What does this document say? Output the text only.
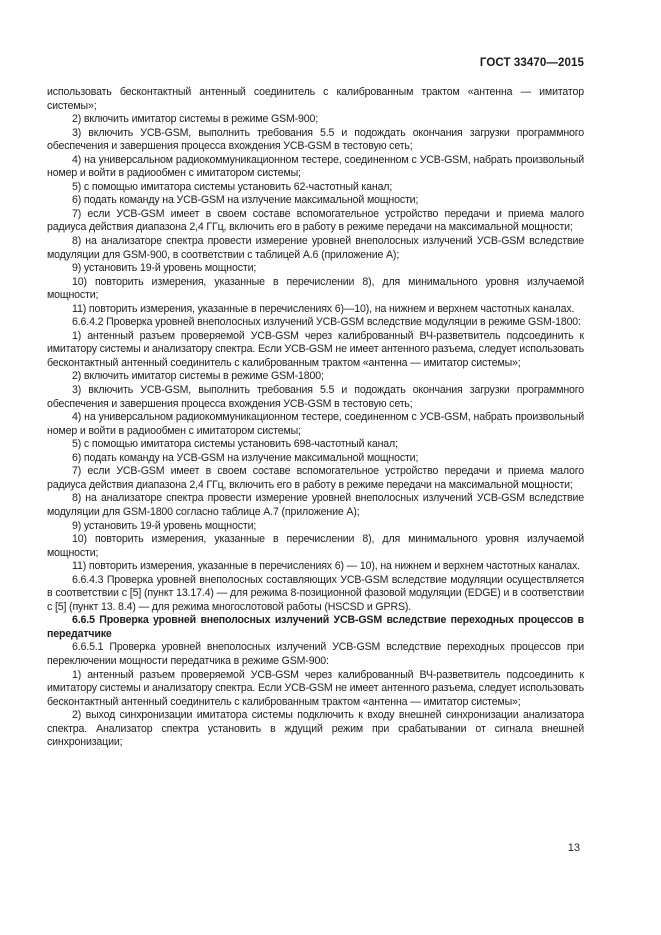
ГОСТ 33470—2015

использовать бесконтактный антенный соединитель с калиброванным трактом «антенна — имитатор системы»;

2) включить имитатор системы в режиме GSM-900;

3) включить УСВ-GSM, выполнить требования 5.5 и подождать окончания загрузки программного обеспечения и завершения процесса вхождения УСВ-GSM в тестовую сеть;

4) на универсальном радиокоммуникационном тестере, соединенном с УСВ-GSM, набрать произвольный номер и войти в радиообмен с имитатором системы;

5) с помощью имитатора системы установить 62-частотный канал;

6) подать команду на УСВ-GSM на излучение максимальной мощности;

7) если УСВ-GSM имеет в своем составе вспомогательное устройство передачи и приема малого радиуса действия диапазона 2,4 ГГц, включить его в работу в режиме передачи на максимальной мощности;

8) на анализаторе спектра провести измерение уровней внеполосных излучений УСВ-GSM вследствие модуляции для GSM-900, в соответствии с таблицей А.6 (приложение А);

9) установить 19-й уровень мощности;

10) повторить измерения, указанные в перечислении 8), для минимального уровня излучаемой мощности;

11) повторить измерения, указанные в перечислениях 6)—10), на нижнем и верхнем частотных каналах.

6.6.4.2 Проверка уровней внеполосных излучений УСВ-GSM вследствие модуляции в режиме GSM-1800:

1) антенный разъем проверяемой УСВ-GSM через калиброванный ВЧ-разветвитель подсоединить к имитатору системы и анализатору спектра. Если УСВ-GSM не имеет антенного разъема, следует использовать бесконтактный антенный соединитель с калиброванным трактом «антенна — имитатор системы»;

2) включить имитатор системы в режиме GSM-1800;

3) включить УСВ-GSM, выполнить требования 5.5 и подождать окончания загрузки программного обеспечения и завершения процесса вхождения УСВ-GSM в тестовую сеть;

4) на универсальном радиокоммуникационном тестере, соединенном с УСВ-GSM, набрать произвольный номер и войти в радиообмен с имитатором системы;

5) с помощью имитатора системы установить 698-частотный канал;

6) подать команду на УСВ-GSM на излучение максимальной мощности;

7) если УСВ-GSM имеет в своем составе вспомогательное устройство передачи и приема малого радиуса действия диапазона 2,4 ГГц, включить его в работу в режиме передачи на максимальной мощности;

8) на анализаторе спектра провести измерение уровней внеполосных излучений УСВ-GSM вследствие модуляции для GSM-1800 согласно таблице А.7 (приложение А);

9) установить 19-й уровень мощности;

10) повторить измерения, указанные в перечислении 8), для минимального уровня излучаемой мощности;

11) повторить измерения, указанные в перечислениях 6) — 10), на нижнем и верхнем частотных каналах.

6.6.4.3 Проверка уровней внеполосных составляющих УСВ-GSM вследствие модуляции осуществляется в соответствии с [5] (пункт 13.17.4) — для режима 8-позиционной фазовой модуляции (EDGE) и в соответствии с [5] (пункт 13. 8.4) — для режима многослотовой работы (HSCSD и GPRS).

6.6.5 Проверка уровней внеполосных излучений УСВ-GSM вследствие переходных процессов в передатчике

6.6.5.1 Проверка уровней внеполосных излучений УСВ-GSM вследствие переходных процессов при переключении мощности передатчика в режиме GSM-900:

1) антенный разъем проверяемой УСВ-GSM через калиброванный ВЧ-разветвитель подсоединить к имитатору системы и анализатору спектра. Если УСВ-GSM не имеет антенного разъема, следует использовать бесконтактный антенный соединитель с калиброванным трактом «антенна — имитатор системы»;

2) выход синхронизации имитатора системы подключить к входу внешней синхронизации анализатора спектра. Анализатор спектра установить в ждущий режим при срабатывании от сигнала внешней синхронизации;

13
